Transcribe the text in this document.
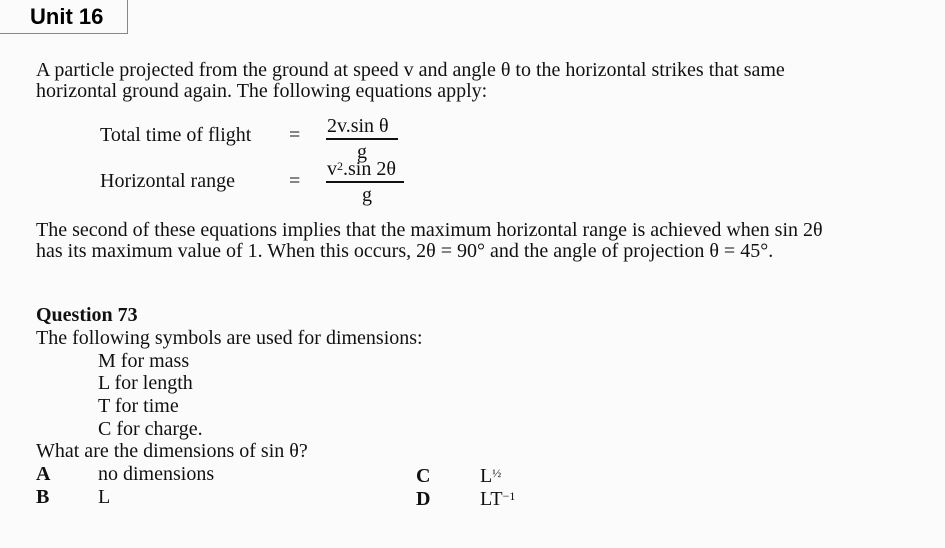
Unit 16
A particle projected from the ground at speed v and angle θ to the horizontal strikes that same
horizontal ground again. The following equations apply:
Total time of flight = 2v.sin θ
g
Horizontal range	=
$v^2.\sin$ 2θ
g
The second of these equations implies that the maximum horizontal range is achieved when sin 2θ
has its maximum value of 1. When this occurs, 2θ = 90° and the angle of projection θ = 45°.
Question 73
The following symbols are used for dimensions:
M for mass
L for length
T for time
C for charge.
What are the dimensions of sin θ?
A no dimensions
B L
C $L^{\frac{1}{2}}$
D $LT^{-1}$
